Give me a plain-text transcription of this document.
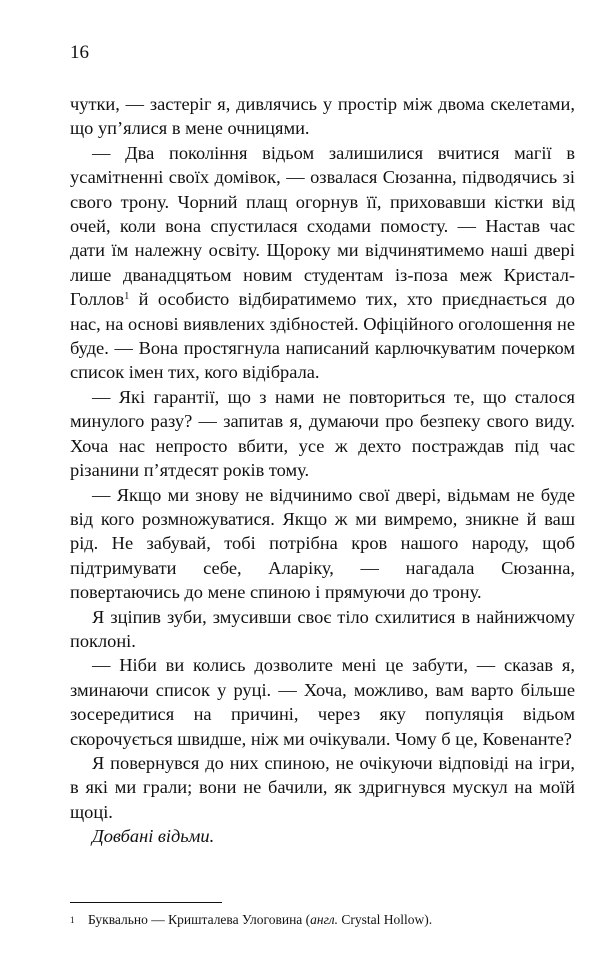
16

чутки, — застеріг я, дивлячись у простір між двома скелетами, що уп’ялися в мене очницями.

— Два покоління відьом залишилися вчитися магії в усамітненні своїх домівок, — озвалася Сюзанна, підводячись зі свого трону. Чорний плащ огорнув її, приховавши кістки від очей, коли вона спустилася сходами помосту. — Настав час дати їм належну освіту. Щороку ми відчинятимемо наші двері лише дванадцятьом новим студентам із-поза меж Кристал-Голлов$^1$ й особисто відбиратимемо тих, хто приєднається до нас, на основі виявлених здібностей. Офіційного оголошення не буде. — Вона простягнула написаний карлючкуватим почерком список імен тих, кого відібрала.

— Які гарантії, що з нами не повториться те, що сталося минулого разу? — запитав я, думаючи про безпеку свого виду. Хоча нас непросто вбити, усе ж дехто постраждав під час різанини п’ятдесят років тому.

— Якщо ми знову не відчинимо свої двері, відьмам не буде від кого розмножуватися. Якщо ж ми вимремо, зникне й ваш рід. Не забувай, тобі потрібна кров нашого народу, щоб підтримувати себе, Аларіку, — нагадала Сюзанна, повертаючись до мене спиною і прямуючи до трону.

Я зціпив зуби, змусивши своє тіло схилитися в найнижчому поклоні.

— Ніби ви колись дозволите мені це забути, — сказав я, зминаючи список у руці. — Хоча, можливо, вам варто більше зосередитися на причині, через яку популяція відьом скорочується швидше, ніж ми очікували. Чому б це, Ковенанте?

Я повернувся до них спиною, не очікуючи відповіді на ігри, в які ми грали; вони не бачили, як здригнувся мускул на моїй щоці.

Довбані відьми.

1 Буквально — Кришталева Улоговина (англ. Crystal Hollow).
